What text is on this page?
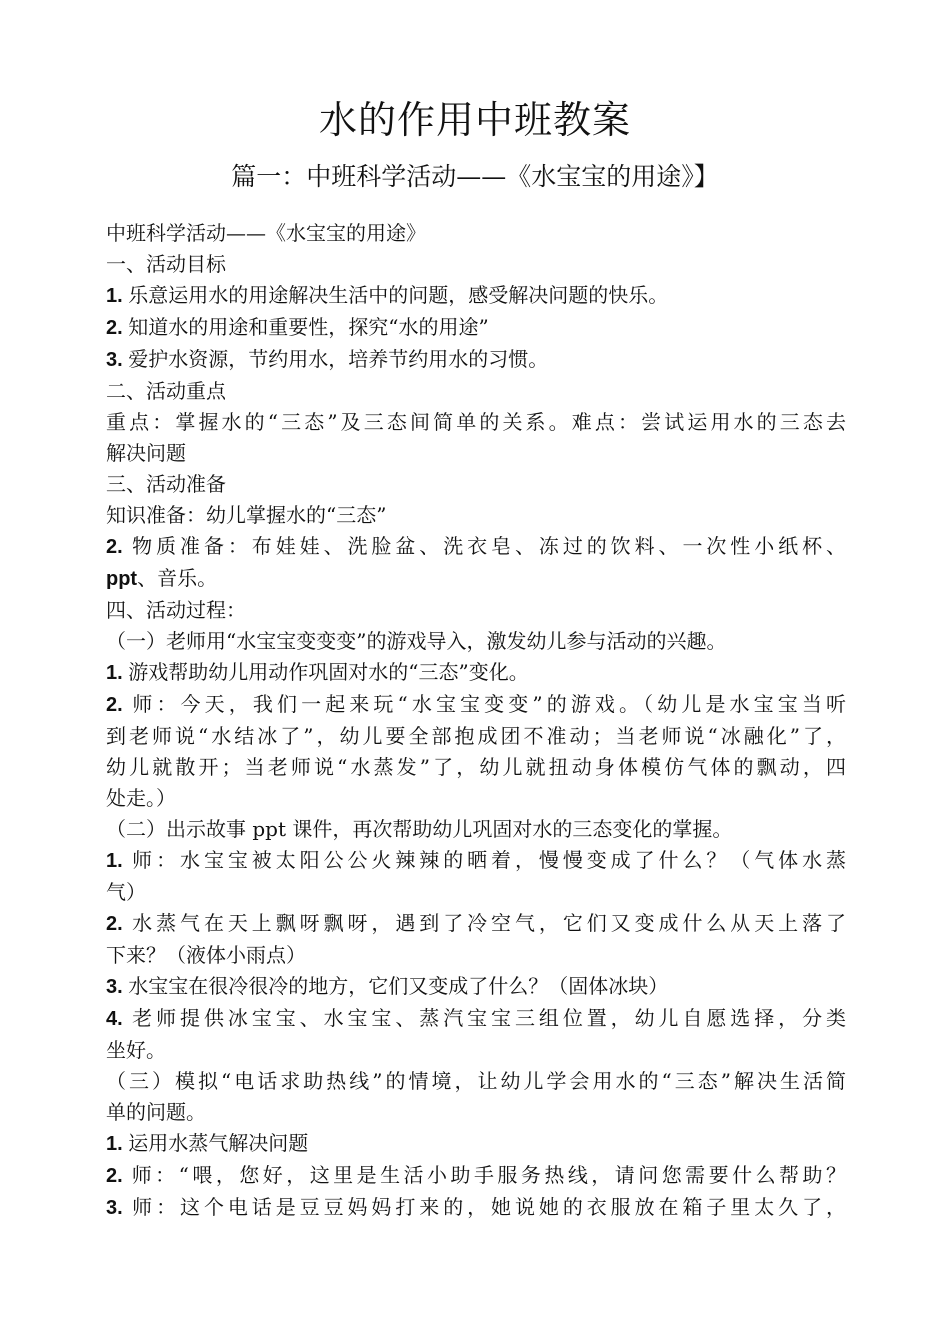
水的作用中班教案
篇一：中班科学活动——《水宝宝的用途》】
中班科学活动——《水宝宝的用途》
一、活动目标
1. 乐意运用水的用途解决生活中的问题，感受解决问题的快乐。
2. 知道水的用途和重要性，探究“水的用途”
3. 爱护水资源，节约用水，培养节约用水的习惯。
二、活动重点
重点：掌握水的“三态”及三态间简单的关系。难点：尝试运用水的三态去
解决问题
三、活动准备
知识准备：幼儿掌握水的“三态”
2. 物质准备：布娃娃、洗脸盆、洗衣皂、冻过的饮料、一次性小纸杯、
ppt、音乐。
四、活动过程：
（一）老师用“水宝宝变变变”的游戏导入，激发幼儿参与活动的兴趣。
1. 游戏帮助幼儿用动作巩固对水的“三态”变化。
2. 师：今天，我们一起来玩“水宝宝变变”的游戏。（幼儿是水宝宝当听
到老师说“水结冰了”，幼儿要全部抱成团不准动；当老师说“冰融化”了，
幼儿就散开；当老师说“水蒸发”了，幼儿就扭动身体模仿气体的飘动，四
处走。）
（二）出示故事 ppt 课件，再次帮助幼儿巩固对水的三态变化的掌握。
1. 师：水宝宝被太阳公公火辣辣的晒着，慢慢变成了什么？（气体水蒸
气）
2. 水蒸气在天上飘呀飘呀，遇到了冷空气，它们又变成什么从天上落了
下来？（液体小雨点）
3. 水宝宝在很冷很冷的地方，它们又变成了什么？（固体冰块）
4. 老师提供冰宝宝、水宝宝、蒸汽宝宝三组位置，幼儿自愿选择，分类
坐好。
（三）模拟“电话求助热线”的情境，让幼儿学会用水的“三态”解决生活简
单的问题。
1. 运用水蒸气解决问题
2. 师：“喂，您好，这里是生活小助手服务热线，请问您需要什么帮助？
3. 师：这个电话是豆豆妈妈打来的，她说她的衣服放在箱子里太久了，
